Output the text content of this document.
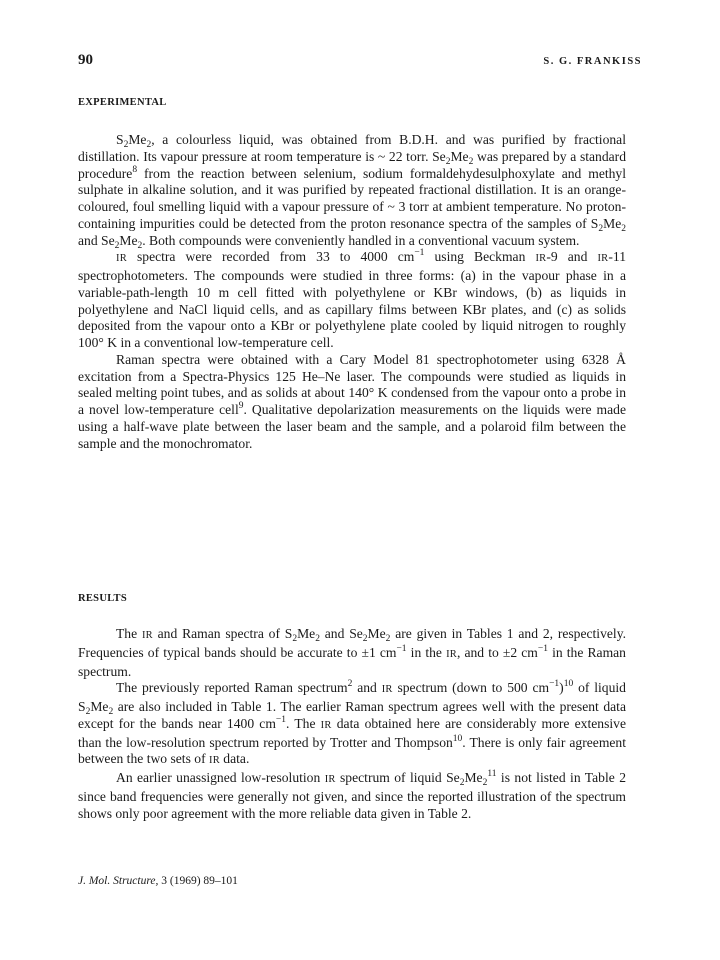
90	S. G. FRANKISS
EXPERIMENTAL

$S_2Me_2$, a colourless liquid, was obtained from B.D.H. and was purified by fractional distillation. Its vapour pressure at room temperature is ~ 22 torr. $Se_2Me_2$ was prepared by a standard procedure$^8$ from the reaction between selenium, sodium formaldehydesulphoxylate and methyl sulphate in alkaline solution, and it was purified by repeated fractional distillation. It is an orange-coloured, foul smelling liquid with a vapour pressure of ~ 3 torr at ambient temperature. No proton-containing impurities could be detected from the proton resonance spectra of the samples of $S_2Me_2$ and $Se_2Me_2$. Both compounds were conveniently handled in a conventional vacuum system.

IR spectra were recorded from 33 to 4000 $cm^{-1}$ using Beckman IR-9 and IR-11 spectrophotometers. The compounds were studied in three forms: (a) in the vapour phase in a variable-path-length 10 m cell fitted with polyethylene or KBr windows, (b) as liquids in polyethylene and NaCl liquid cells, and as capillary films between KBr plates, and (c) as solids deposited from the vapour onto a KBr or polyethylene plate cooled by liquid nitrogen to roughly 100° K in a conventional low-temperature cell.

Raman spectra were obtained with a Cary Model 81 spectrophotometer using 6328 Å excitation from a Spectra-Physics 125 He–Ne laser. The compounds were studied as liquids in sealed melting point tubes, and as solids at about 140° K condensed from the vapour onto a probe in a novel low-temperature cell$^9$. Qualitative depolarization measurements on the liquids were made using a half-wave plate between the laser beam and the sample, and a polaroid film between the sample and the monochromator.

RESULTS

The IR and Raman spectra of $S_2Me_2$ and $Se_2Me_2$ are given in Tables 1 and 2, respectively. Frequencies of typical bands should be accurate to ±1 $cm^{-1}$ in the IR, and to ±2 $cm^{-1}$ in the Raman spectrum.

The previously reported Raman spectrum$^2$ and IR spectrum (down to 500 $cm^{-1})^{10}$ of liquid $S_2Me_2$ are also included in Table 1. The earlier Raman spectrum agrees well with the present data except for the bands near 1400 $cm^{-1}$. The IR data obtained here are considerably more extensive than the low-resolution spectrum reported by Trotter and Thompson$^{10}$. There is only fair agreement between the two sets of IR data.

An earlier unassigned low-resolution IR spectrum of liquid $Se_2Me_2^{11}$ is not listed in Table 2 since band frequencies were generally not given, and since the reported illustration of the spectrum shows only poor agreement with the more reliable data given in Table 2.

J. Mol. Structure, 3 (1969) 89–101
